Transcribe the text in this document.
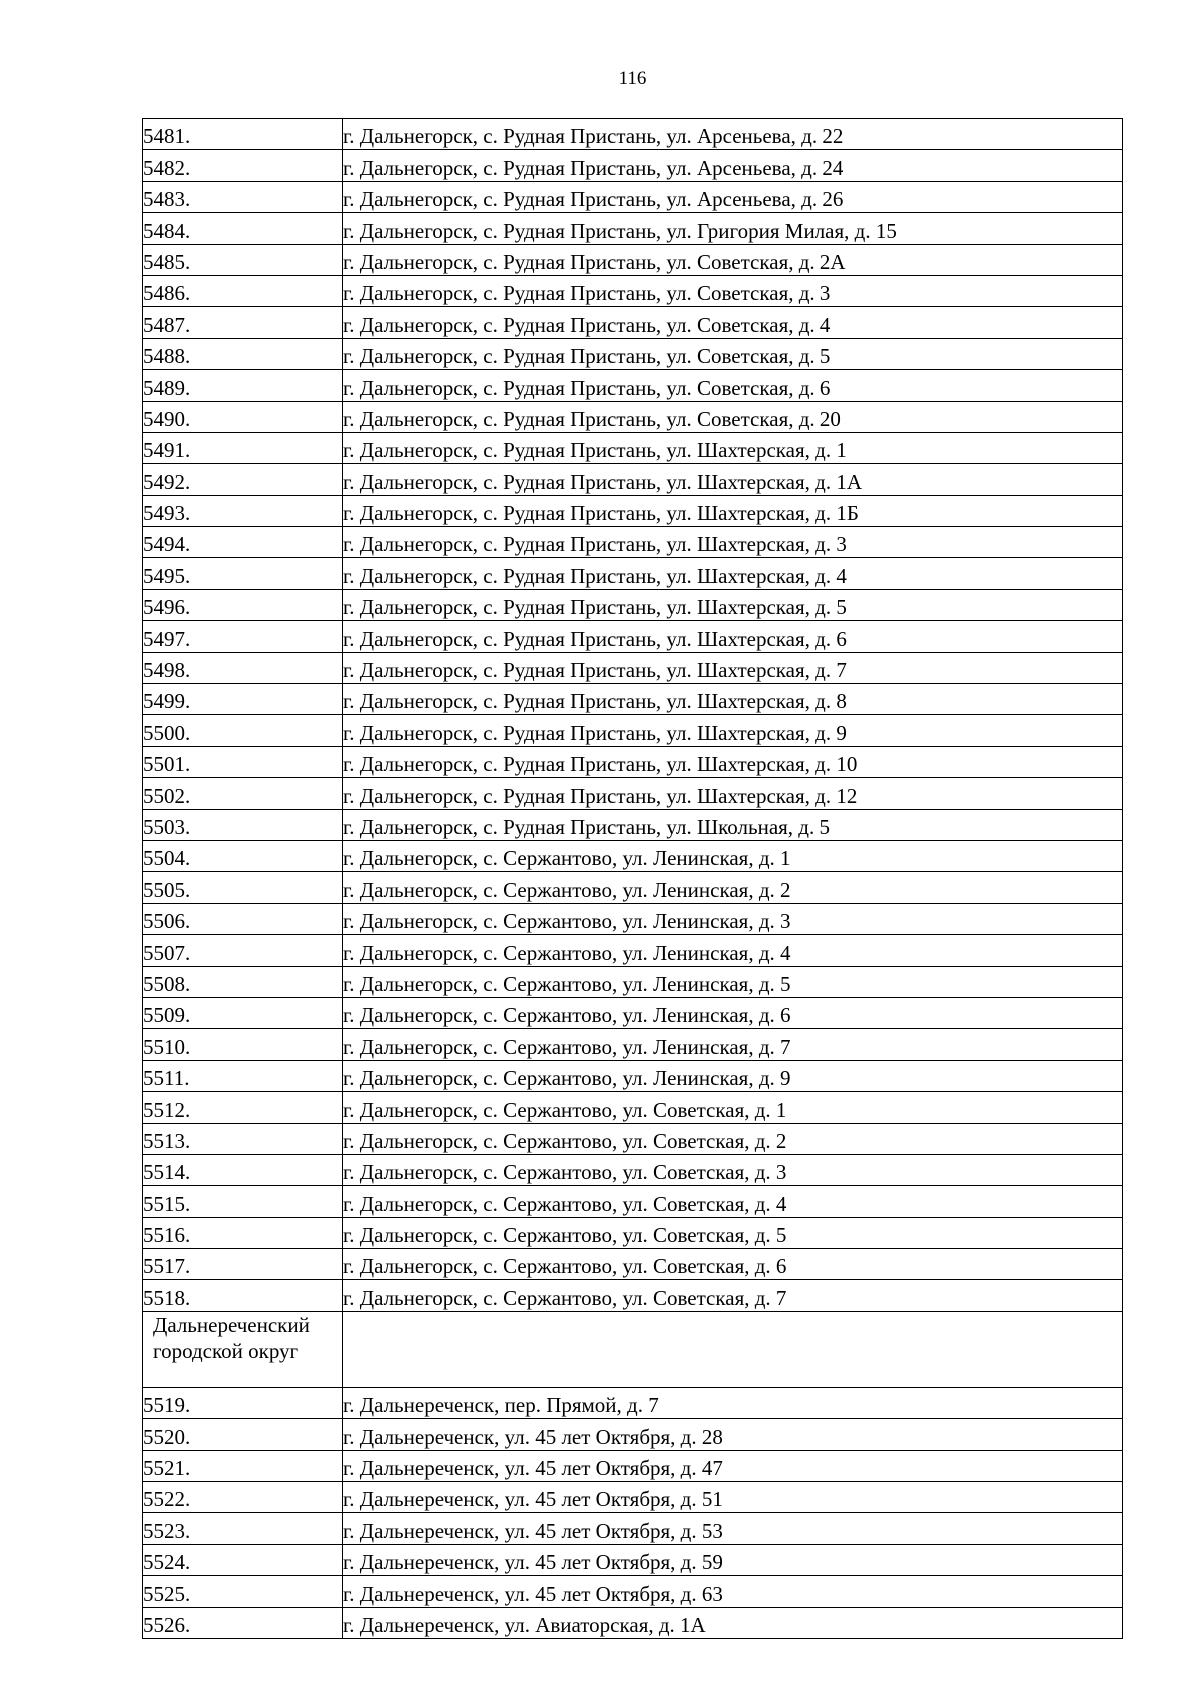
116
5481.	г. Дальнегорск, с. Рудная Пристань, ул. Арсеньева, д. 22
5482.	г. Дальнегорск, с. Рудная Пристань, ул. Арсеньева, д. 24
5483.	г. Дальнегорск, с. Рудная Пристань, ул. Арсеньева, д. 26
5484.	г. Дальнегорск, с. Рудная Пристань, ул. Григория Милая, д. 15
5485.	г. Дальнегорск, с. Рудная Пристань, ул. Советская, д. 2А
5486.	г. Дальнегорск, с. Рудная Пристань, ул. Советская, д. 3
5487.	г. Дальнегорск, с. Рудная Пристань, ул. Советская, д. 4
5488.	г. Дальнегорск, с. Рудная Пристань, ул. Советская, д. 5
5489.	г. Дальнегорск, с. Рудная Пристань, ул. Советская, д. 6
5490.	г. Дальнегорск, с. Рудная Пристань, ул. Советская, д. 20
5491.	г. Дальнегорск, с. Рудная Пристань, ул. Шахтерская, д. 1
5492.	г. Дальнегорск, с. Рудная Пристань, ул. Шахтерская, д. 1А
5493.	г. Дальнегорск, с. Рудная Пристань, ул. Шахтерская, д. 1Б
5494.	г. Дальнегорск, с. Рудная Пристань, ул. Шахтерская, д. 3
5495.	г. Дальнегорск, с. Рудная Пристань, ул. Шахтерская, д. 4
5496.	г. Дальнегорск, с. Рудная Пристань, ул. Шахтерская, д. 5
5497.	г. Дальнегорск, с. Рудная Пристань, ул. Шахтерская, д. 6
5498.	г. Дальнегорск, с. Рудная Пристань, ул. Шахтерская, д. 7
5499.	г. Дальнегорск, с. Рудная Пристань, ул. Шахтерская, д. 8
5500.	г. Дальнегорск, с. Рудная Пристань, ул. Шахтерская, д. 9
5501.	г. Дальнегорск, с. Рудная Пристань, ул. Шахтерская, д. 10
5502.	г. Дальнегорск, с. Рудная Пристань, ул. Шахтерская, д. 12
5503.	г. Дальнегорск, с. Рудная Пристань, ул. Школьная, д. 5
5504.	г. Дальнегорск, с. Сержантово, ул. Ленинская, д. 1
5505.	г. Дальнегорск, с. Сержантово, ул. Ленинская, д. 2
5506.	г. Дальнегорск, с. Сержантово, ул. Ленинская, д. 3
5507.	г. Дальнегорск, с. Сержантово, ул. Ленинская, д. 4
5508.	г. Дальнегорск, с. Сержантово, ул. Ленинская, д. 5
5509.	г. Дальнегорск, с. Сержантово, ул. Ленинская, д. 6
5510.	г. Дальнегорск, с. Сержантово, ул. Ленинская, д. 7
5511.	г. Дальнегорск, с. Сержантово, ул. Ленинская, д. 9
5512.	г. Дальнегорск, с. Сержантово, ул. Советская, д. 1
5513.	г. Дальнегорск, с. Сержантово, ул. Советская, д. 2
5514.	г. Дальнегорск, с. Сержантово, ул. Советская, д. 3
5515.	г. Дальнегорск, с. Сержантово, ул. Советская, д. 4
5516.	г. Дальнегорск, с. Сержантово, ул. Советская, д. 5
5517.	г. Дальнегорск, с. Сержантово, ул. Советская, д. 6
5518.	г. Дальнегорск, с. Сержантово, ул. Советская, д. 7
Дальнереченский городской округ	
5519.	г. Дальнереченск, пер. Прямой, д. 7
5520.	г. Дальнереченск, ул. 45 лет Октября, д. 28
5521.	г. Дальнереченск, ул. 45 лет Октября, д. 47
5522.	г. Дальнереченск, ул. 45 лет Октября, д. 51
5523.	г. Дальнереченск, ул. 45 лет Октября, д. 53
5524.	г. Дальнереченск, ул. 45 лет Октября, д. 59
5525.	г. Дальнереченск, ул. 45 лет Октября, д. 63
5526.	г. Дальнереченск, ул. Авиаторская, д. 1А
